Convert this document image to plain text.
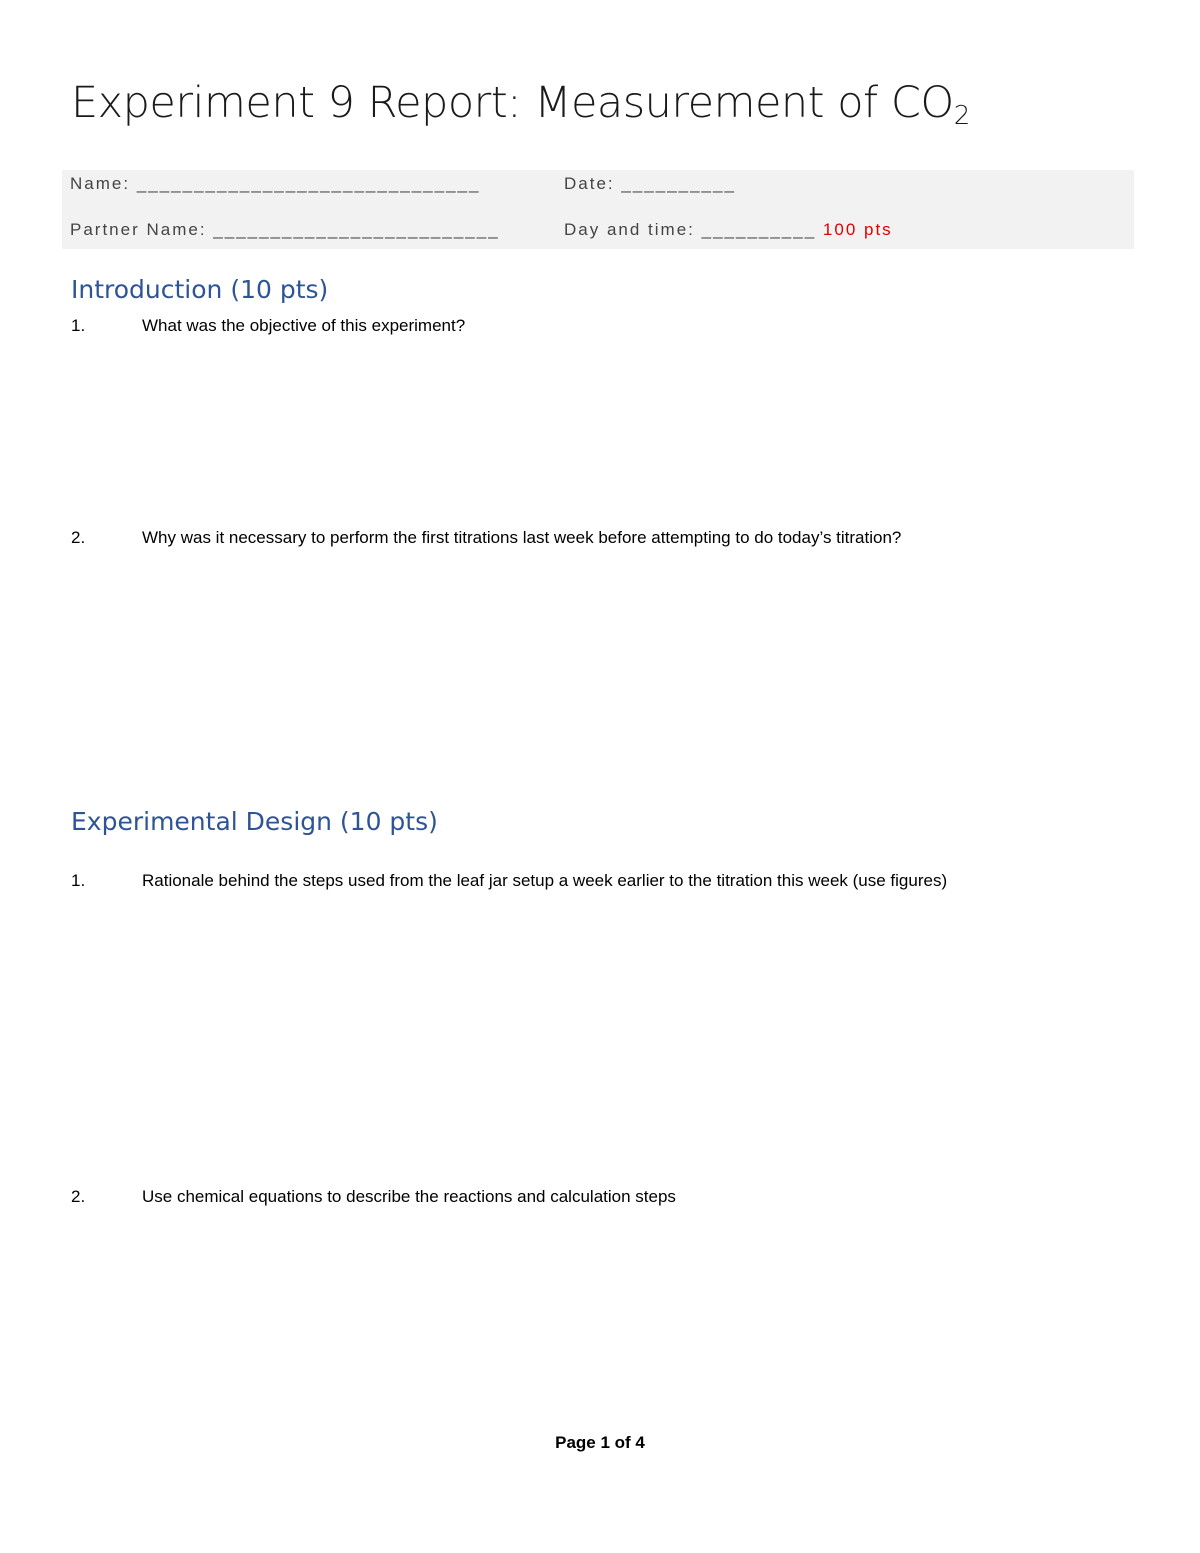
Experiment 9 Report: Measurement of $CO_2$
Name: ______________________________	Date: __________
Partner Name: _________________________	Day and time: __________ 100 pts
Introduction (10 pts)
1.	What was the objective of this experiment?
2.	Why was it necessary to perform the first titrations last week before attempting to do today’s titration?
Experimental Design (10 pts)
1.	Rationale behind the steps used from the leaf jar setup a week earlier to the titration this week (use figures)
2.	Use chemical equations to describe the reactions and calculation steps
Page 1 of 4
